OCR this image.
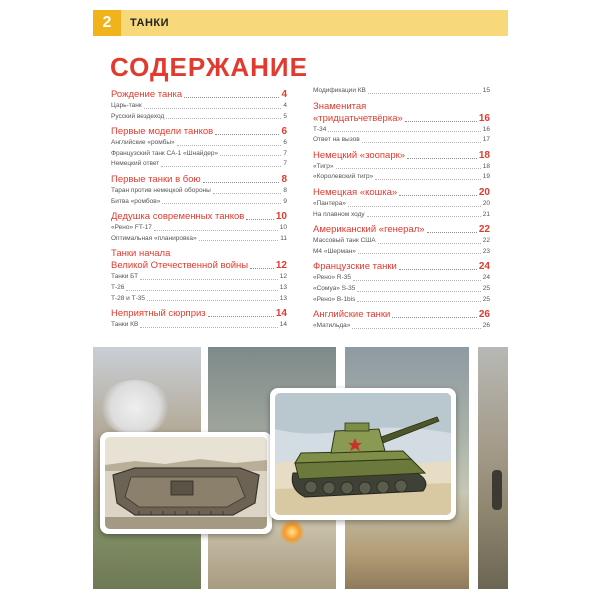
2	ТАНКИ
СОДЕРЖАНИЕ
Рождение танка	4
Царь-танк	4
Русский вездеход	5
Первые модели танков	6
Английские «ромбы»	6
Французский танк СА-1 «Шнайдер»	7
Немецкий ответ	7
Первые танки в бою	8
Таран против немецкой обороны	8
Битва «ромбов»	9
Дедушка современных танков	10
«Рено» FT-17	10
Оптимальная «планировка»	11
Танки начала
Великой Отечественной войны	12
Танки БТ	12
Т-26	13
Т-28 и Т-35	13
Неприятный сюрприз	14
Танки КВ	14
Модификации КВ	15
Знаменитая
«тридцатьчетвёрка»	16
Т-34	16
Ответ на вызов	17
Немецкий «зоопарк»	18
«Тигр»	18
«Королевский тигр»	19
Немецкая «кошка»	20
«Пантера»	20
На плавном ходу	21
Американский «генерал»	22
Массовый танк США	22
М4 «Шерман»	23
Французские танки	24
«Рено» R-35	24
«Сомуа» S-35	25
«Рено» B-1bis	25
Английские танки	26
«Матильда»	26
